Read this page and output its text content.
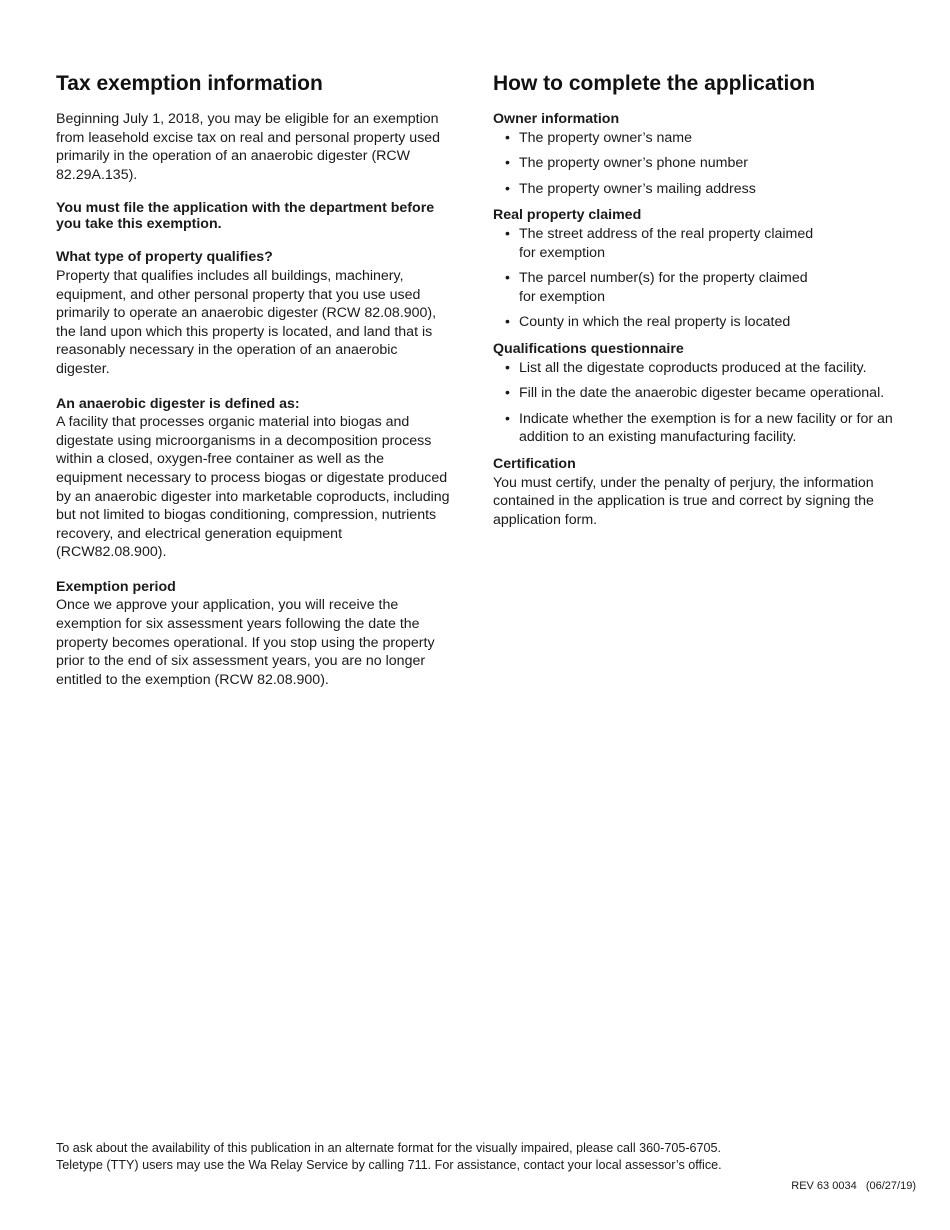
Tax exemption information

Beginning July 1, 2018, you may be eligible for an exemption from leasehold excise tax on real and personal property used primarily in the operation of an anaerobic digester (RCW 82.29A.135).

You must file the application with the department before you take this exemption.

What type of property qualifies?

Property that qualifies includes all buildings, machinery, equipment, and other personal property that you use used primarily to operate an anaerobic digester (RCW 82.08.900), the land upon which this property is located, and land that is reasonably necessary in the operation of an anaerobic digester.

An anaerobic digester is defined as:

A facility that processes organic material into biogas and digestate using microorganisms in a decomposition process within a closed, oxygen-free container as well as the equipment necessary to process biogas or digestate produced by an anaerobic digester into marketable coproducts, including but not limited to biogas conditioning, compression, nutrients recovery, and electrical generation equipment (RCW82.08.900).

Exemption period

Once we approve your application, you will receive the exemption for six assessment years following the date the property becomes operational. If you stop using the property prior to the end of six assessment years, you are no longer entitled to the exemption (RCW 82.08.900).

How to complete the application
Owner information
• The property owner’s name
• The property owner’s phone number
• The property owner’s mailing address
Real property claimed
• The street address of the real property claimed for exemption
• The parcel number(s) for the property claimed for exemption
• County in which the real property is located
Qualifications questionnaire
• List all the digestate coproducts produced at the facility.
• Fill in the date the anaerobic digester became operational.
• Indicate whether the exemption is for a new facility or for an addition to an existing manufacturing facility.
Certification

You must certify, under the penalty of perjury, the information contained in the application is true and correct by signing the application form.

To ask about the availability of this publication in an alternate format for the visually impaired, please call 360-705-6705.
Teletype (TTY) users may use the Wa Relay Service by calling 711. For assistance, contact your local assessor’s office.
REV 63 0034   (06/27/19)
